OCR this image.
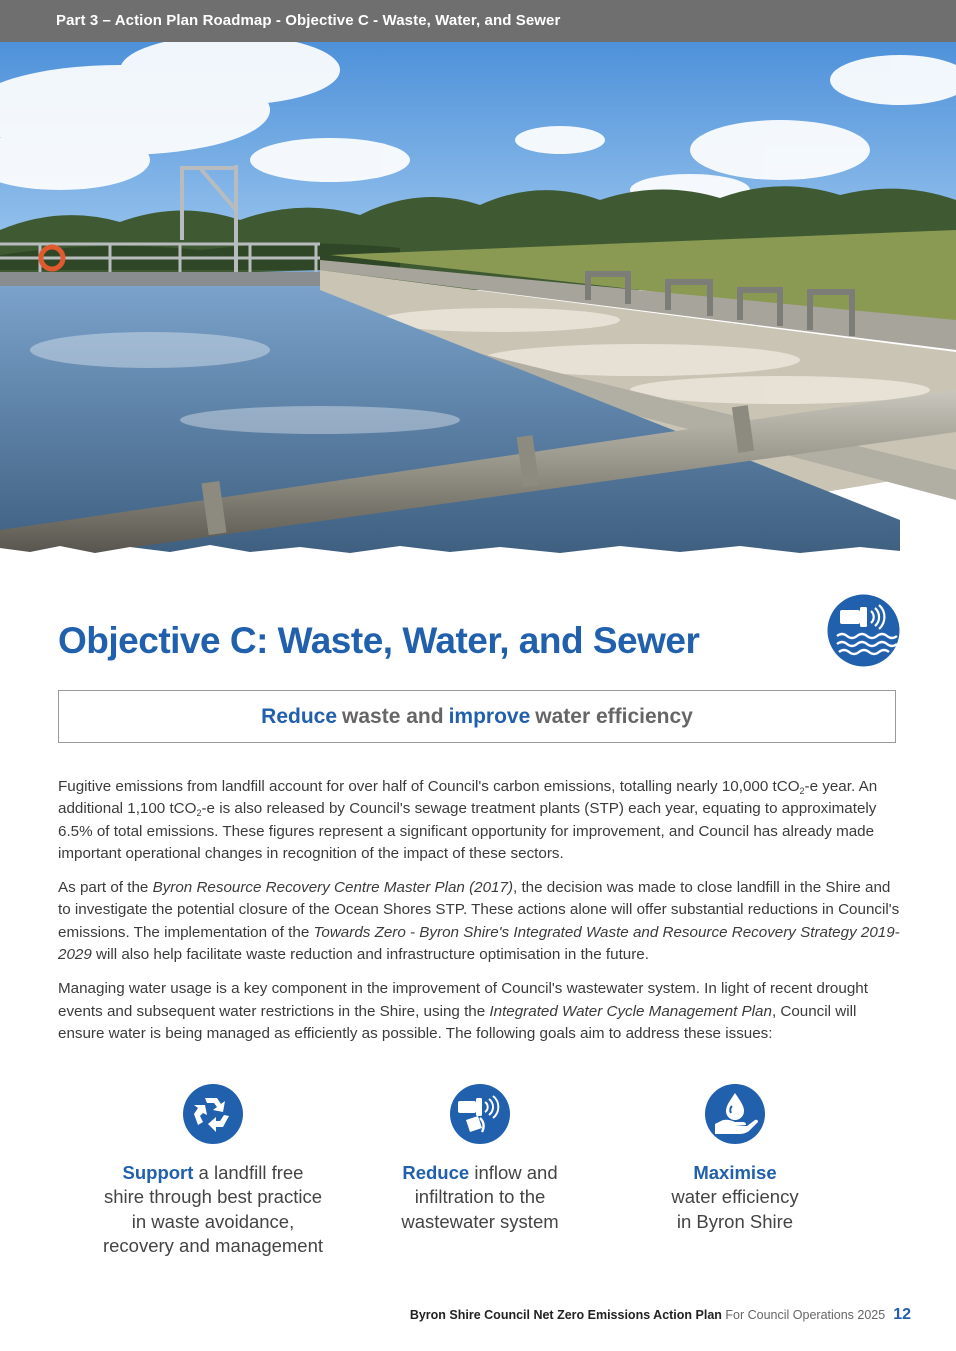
Part 3 – Action Plan Roadmap - Objective C - Waste, Water, and Sewer
Objective C: Waste, Water, and Sewer
Reduce waste and improve water efficiency

Fugitive emissions from landfill account for over half of Council's carbon emissions, totalling nearly 10,000 tCO$_2$-e year. An additional 1,100 tCO$_2$-e is also released by Council's sewage treatment plants (STP) each year, equating to approximately 6.5% of total emissions. These figures represent a significant opportunity for improvement, and Council has already made important operational changes in recognition of the impact of these sectors.

As part of the Byron Resource Recovery Centre Master Plan (2017), the decision was made to close landfill in the Shire and to investigate the potential closure of the Ocean Shores STP. These actions alone will offer substantial reductions in Council's emissions. The implementation of the Towards Zero - Byron Shire's Integrated Waste and Resource Recovery Strategy 2019-2029 will also help facilitate waste reduction and infrastructure optimisation in the future.

Managing water usage is a key component in the improvement of Council's wastewater system. In light of recent drought events and subsequent water restrictions in the Shire, using the Integrated Water Cycle Management Plan, Council will ensure water is being managed as efficiently as possible. The following goals aim to address these issues:

Support a landfill free
shire through best practice
in waste avoidance,
recovery and management
Reduce inflow and
infiltration to the
wastewater system
Maximise
water efficiency
in Byron Shire
Byron Shire Council Net Zero Emissions Action Plan For Council Operations 2025 12
